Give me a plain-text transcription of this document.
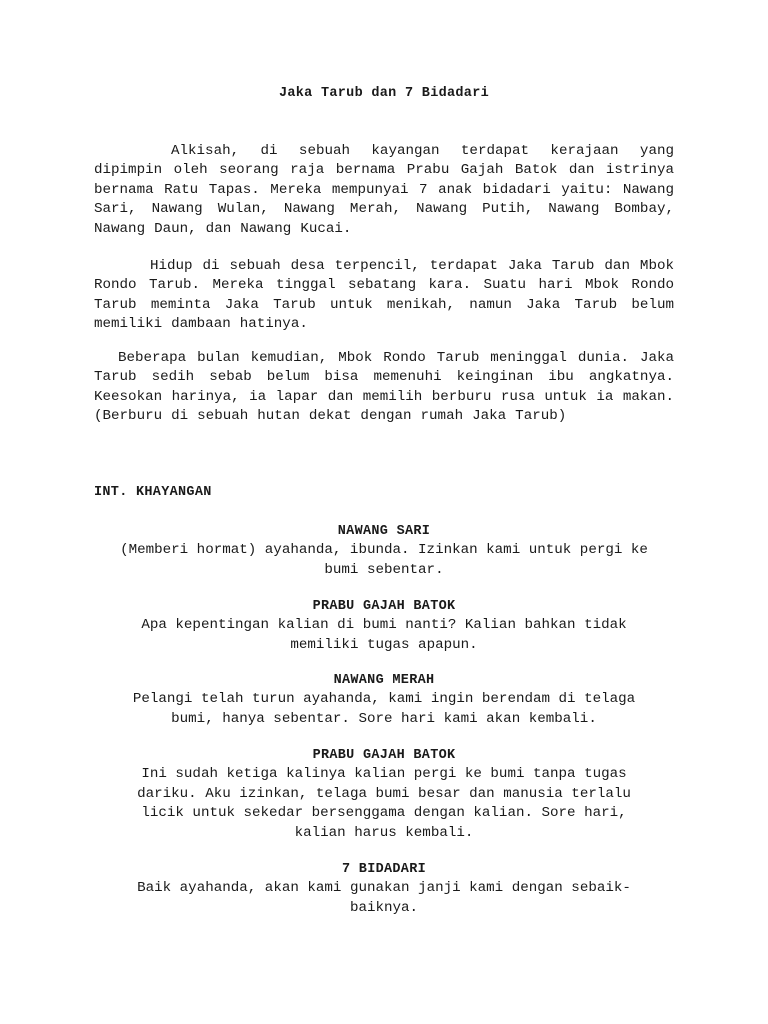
Jaka Tarub dan 7 Bidadari
Alkisah, di sebuah kayangan terdapat kerajaan yang dipimpin oleh seorang raja bernama Prabu Gajah Batok dan istrinya bernama Ratu Tapas. Mereka mempunyai 7 anak bidadari yaitu: Nawang Sari, Nawang Wulan, Nawang Merah, Nawang Putih, Nawang Bombay, Nawang Daun, dan Nawang Kucai.
Hidup di sebuah desa terpencil, terdapat Jaka Tarub dan Mbok Rondo Tarub. Mereka tinggal sebatang kara. Suatu hari Mbok Rondo Tarub meminta Jaka Tarub untuk menikah, namun Jaka Tarub belum memiliki dambaan hatinya.
Beberapa bulan kemudian, Mbok Rondo Tarub meninggal dunia. Jaka Tarub sedih sebab belum bisa memenuhi keinginan ibu angkatnya. Keesokan harinya, ia lapar dan memilih berburu rusa untuk ia makan. (Berburu di sebuah hutan dekat dengan rumah Jaka Tarub)
INT. KHAYANGAN
NAWANG SARI
(Memberi hormat) ayahanda, ibunda. Izinkan kami untuk pergi ke
bumi sebentar.
PRABU GAJAH BATOK
Apa kepentingan kalian di bumi nanti? Kalian bahkan tidak
memiliki tugas apapun.
NAWANG MERAH
Pelangi telah turun ayahanda, kami ingin berendam di telaga
bumi, hanya sebentar. Sore hari kami akan kembali.
PRABU GAJAH BATOK
Ini sudah ketiga kalinya kalian pergi ke bumi tanpa tugas
dariku. Aku izinkan, telaga bumi besar dan manusia terlalu
licik untuk sekedar bersenggama dengan kalian. Sore hari,
kalian harus kembali.
7 BIDADARI
Baik ayahanda, akan kami gunakan janji kami dengan sebaik-
baiknya.
